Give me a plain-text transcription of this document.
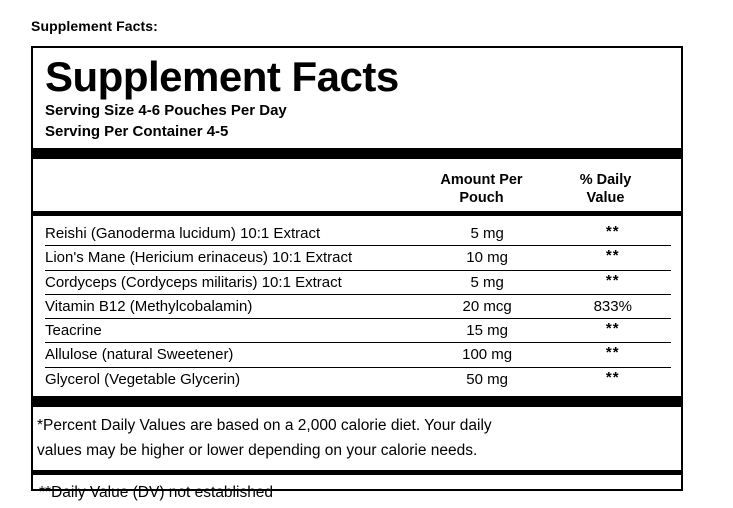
Supplement Facts:
Supplement Facts
Serving Size 4-6 Pouches Per Day
Serving Per Container 4-5
Amount Per
Pouch
% Daily
Value
Reishi (Ganoderma lucidum) 10:1 Extract	5 mg	**
Lion's Mane (Hericium erinaceus) 10:1 Extract	10 mg	**
Cordyceps (Cordyceps militaris) 10:1 Extract	5 mg	**
Vitamin B12 (Methylcobalamin)	20 mcg	833%
Teacrine	15 mg	**
Allulose (natural Sweetener)	100 mg	**
Glycerol (Vegetable Glycerin)	50 mg	**
*Percent Daily Values are based on a 2,000 calorie diet. Your daily
values may be higher or lower depending on your calorie needs.
**Daily Value (DV) not established
